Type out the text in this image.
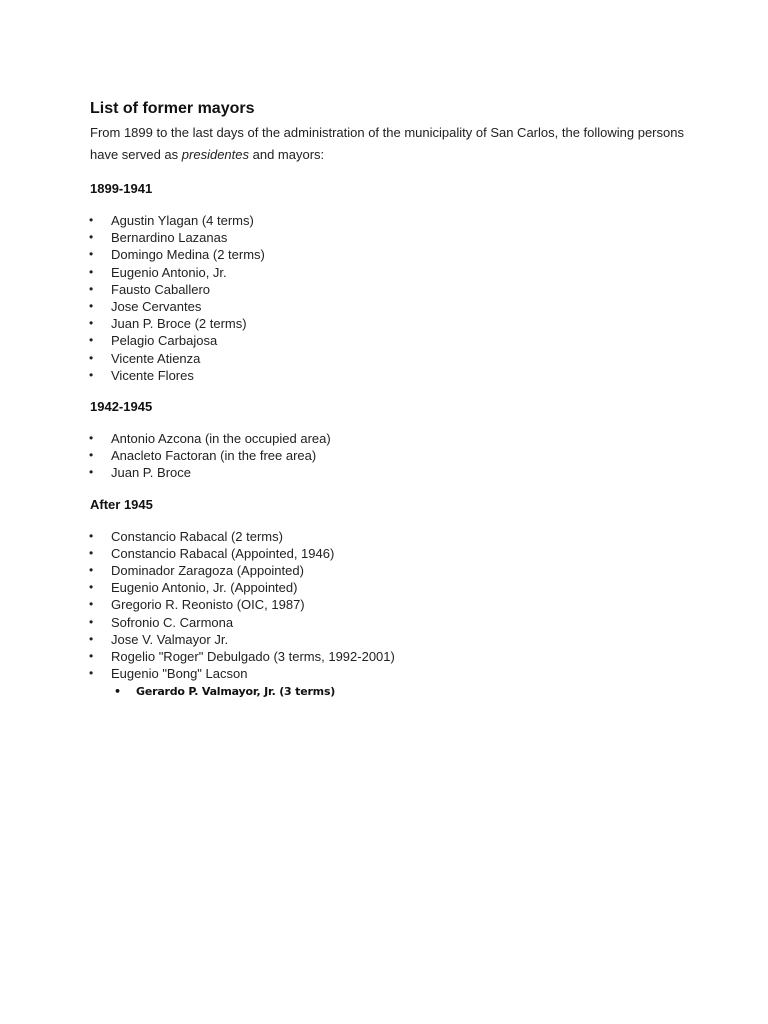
List of former mayors

From 1899 to the last days of the administration of the municipality of San Carlos, the following persons have served as presidentes and mayors:

1899-1941
• Agustin Ylagan (4 terms)
• Bernardino Lazanas
• Domingo Medina (2 terms)
• Eugenio Antonio, Jr.
• Fausto Caballero
• Jose Cervantes
• Juan P. Broce (2 terms)
• Pelagio Carbajosa
• Vicente Atienza
• Vicente Flores
1942-1945
• Antonio Azcona (in the occupied area)
• Anacleto Factoran (in the free area)
• Juan P. Broce
After 1945
• Constancio Rabacal (2 terms)
• Constancio Rabacal (Appointed, 1946)
• Dominador Zaragoza (Appointed)
• Eugenio Antonio, Jr. (Appointed)
• Gregorio R. Reonisto (OIC, 1987)
• Sofronio C. Carmona
• Jose V. Valmayor Jr.
• Rogelio "Roger" Debulgado (3 terms, 1992-2001)
• Eugenio "Bong" Lacson
• Gerardo P. Valmayor, Jr. (3 terms)
